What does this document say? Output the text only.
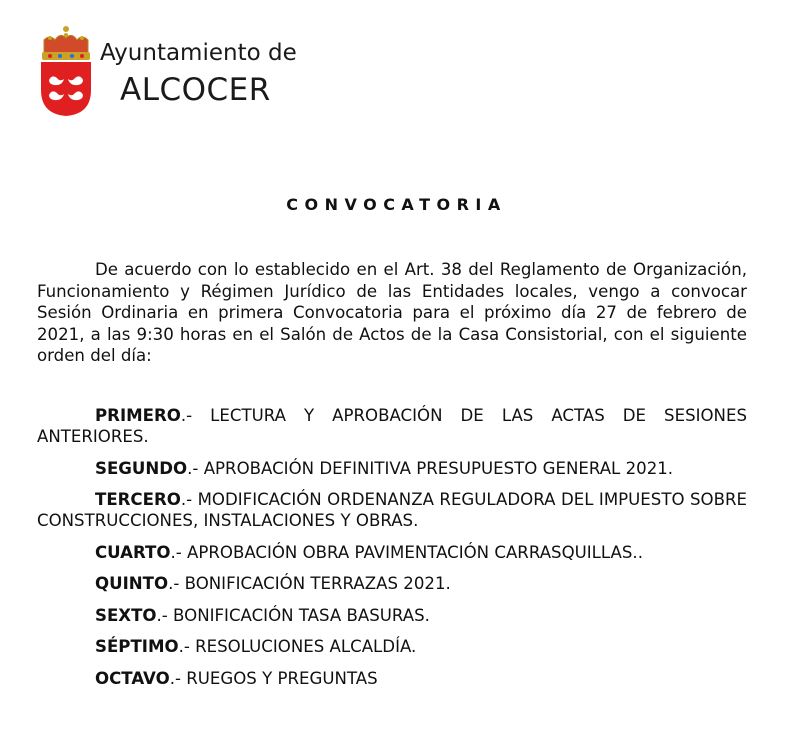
Ayuntamiento de
ALCOCER
CONVOCATORIA

De acuerdo con lo establecido en el Art. 38 del Reglamento de Organización, Funcionamiento y Régimen Jurídico de las Entidades locales, vengo a convocar Sesión Ordinaria en primera Convocatoria para el próximo día 27 de febrero de 2021, a las 9:30 horas en el Salón de Actos de la Casa Consistorial, con el siguiente orden del día:

PRIMERO.- LECTURA Y APROBACIÓN DE LAS ACTAS DE SESIONES ANTERIORES.
SEGUNDO.- APROBACIÓN DEFINITIVA PRESUPUESTO GENERAL 2021.
TERCERO.- MODIFICACIÓN ORDENANZA REGULADORA DEL IMPUESTO SOBRE CONSTRUCCIONES, INSTALACIONES Y OBRAS.
CUARTO.- APROBACIÓN OBRA PAVIMENTACIÓN CARRASQUILLAS..
QUINTO.- BONIFICACIÓN TERRAZAS 2021.
SEXTO.- BONIFICACIÓN TASA BASURAS.
SÉPTIMO.- RESOLUCIONES ALCALDÍA.
OCTAVO.- RUEGOS Y PREGUNTAS
